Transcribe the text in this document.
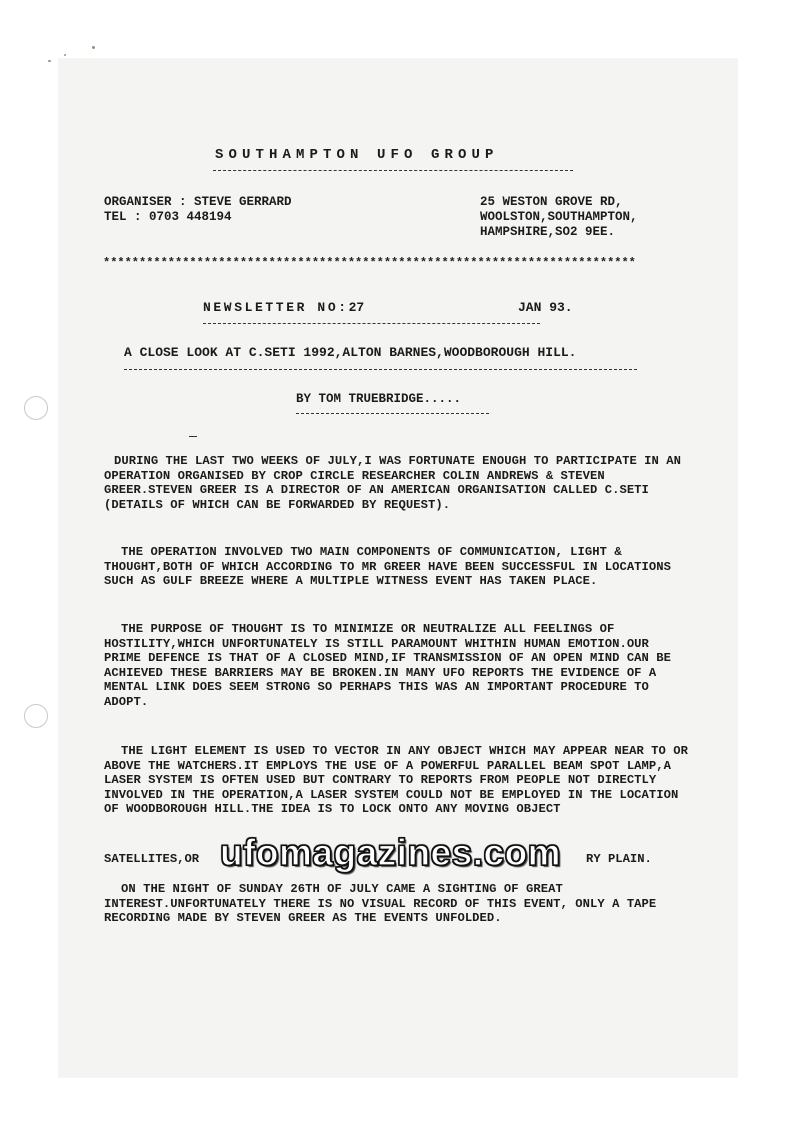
SOUTHAMPTON UFO GROUP
ORGANISER : STEVE GERRARD
TEL : 0703 448194
25 WESTON GROVE RD,
WOOLSTON,SOUTHAMPTON,
HAMPSHIRE,SO2 9EE.
**************************************************************************
NEWSLETTER NO:27	JAN 93.
A CLOSE LOOK AT C.SETI 1992,ALTON BARNES,WOODBOROUGH HILL.
BY TOM TRUEBRIDGE.....
DURING THE LAST TWO WEEKS OF JULY,I WAS FORTUNATE ENOUGH TO PARTICIPATE IN AN OPERATION ORGANISED BY CROP CIRCLE RESEARCHER COLIN ANDREWS & STEVEN GREER.STEVEN GREER IS A DIRECTOR OF AN AMERICAN ORGANISATION CALLED C.SETI (DETAILS OF WHICH CAN BE FORWARDED BY REQUEST).
THE OPERATION INVOLVED TWO MAIN COMPONENTS OF COMMUNICATION, LIGHT & THOUGHT,BOTH OF WHICH ACCORDING TO MR GREER HAVE BEEN SUCCESSFUL IN LOCATIONS SUCH AS GULF BREEZE WHERE A MULTIPLE WITNESS EVENT HAS TAKEN PLACE.
THE PURPOSE OF THOUGHT IS TO MINIMIZE OR NEUTRALIZE ALL FEELINGS OF HOSTILITY,WHICH UNFORTUNATELY IS STILL PARAMOUNT WHITHIN HUMAN EMOTION.OUR PRIME DEFENCE IS THAT OF A CLOSED MIND,IF TRANSMISSION OF AN OPEN MIND CAN BE ACHIEVED THESE BARRIERS MAY BE BROKEN.IN MANY UFO REPORTS THE EVIDENCE OF A MENTAL LINK DOES SEEM STRONG SO PERHAPS THIS WAS AN IMPORTANT PROCEDURE TO ADOPT.
THE LIGHT ELEMENT IS USED TO VECTOR IN ANY OBJECT WHICH MAY APPEAR NEAR TO OR ABOVE THE WATCHERS.IT EMPLOYS THE USE OF A POWERFUL PARALLEL BEAM SPOT LAMP,A LASER SYSTEM IS OFTEN USED BUT CONTRARY TO REPORTS FROM PEOPLE NOT DIRECTLY INVOLVED IN THE OPERATION,A LASER SYSTEM COULD NOT BE EMPLOYED IN THE LOCATION OF WOODBOROUGH HILL.THE IDEA IS TO LOCK ONTO ANY MOVING OBJECT
SATELLITES,OR	RY PLAIN.
ON THE NIGHT OF SUNDAY 26TH OF JULY CAME A SIGHTING OF GREAT INTEREST.UNFORTUNATELY THERE IS NO VISUAL RECORD OF THIS EVENT, ONLY A TAPE RECORDING MADE BY STEVEN GREER AS THE EVENTS UNFOLDED.
ufomagazines.com
